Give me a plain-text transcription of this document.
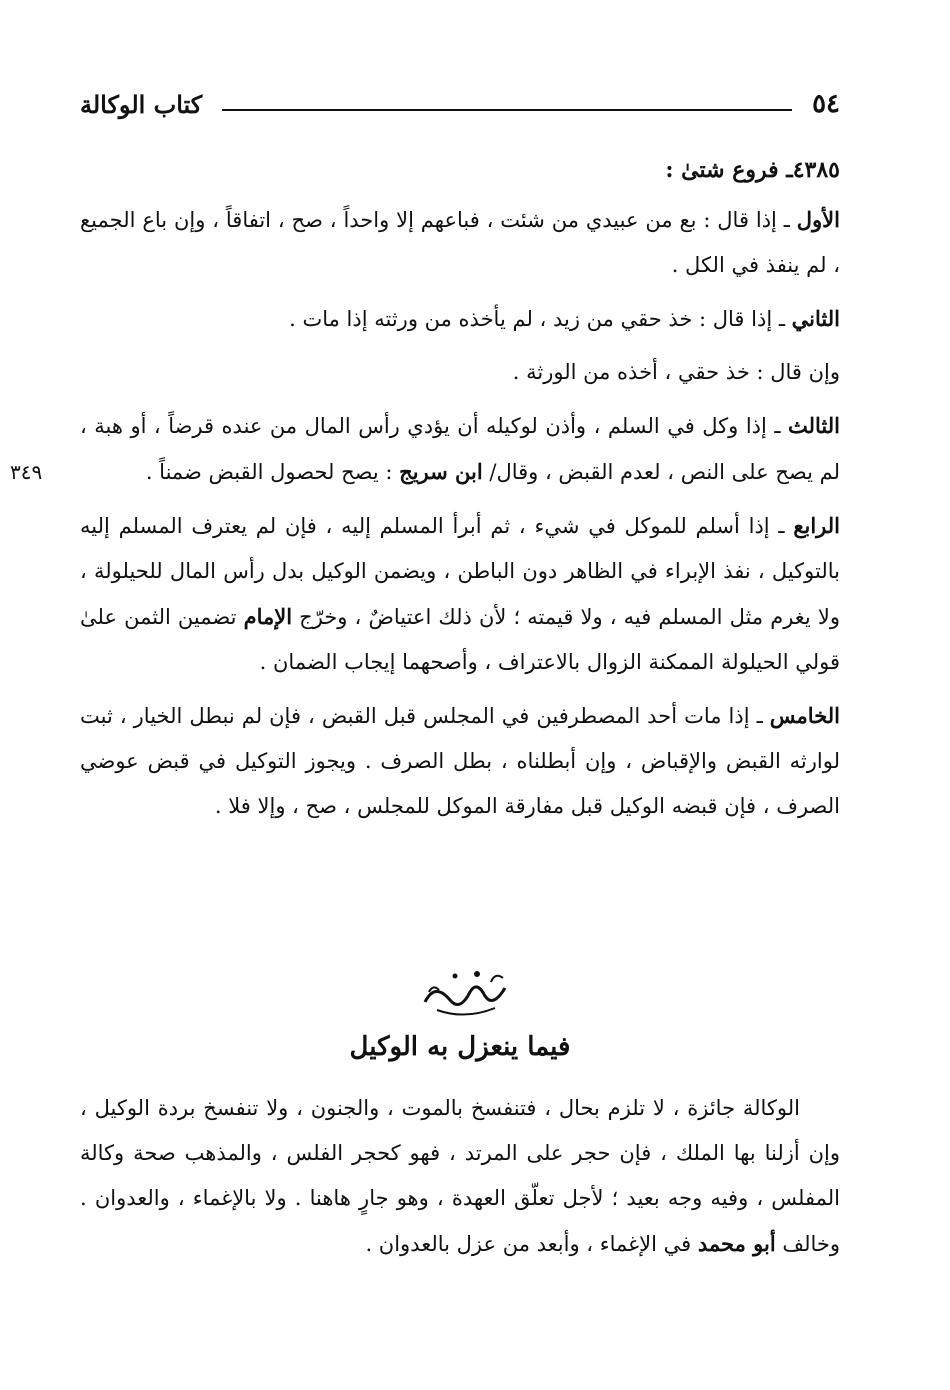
٥٤
كتاب الوكالة
٣٤٩
٤٣٨٥ـ فروع شتىٰ :

الأول ـ إذا قال : بع من عبيدي من شئت ، فباعهم إلا واحداً ، صح ، اتفاقاً ، وإن باع الجميع ، لم ينفذ في الكل .

الثاني ـ إذا قال : خذ حقي من زيد ، لم يأخذه من ورثته إذا مات .

وإن قال : خذ حقي ، أخذه من الورثة .

الثالث ـ إذا وكل في السلم ، وأذن لوكيله أن يؤدي رأس المال من عنده قرضاً ، أو هبة ، لم يصح على النص ، لعدم القبض ، وقال/ ابن سريج : يصح لحصول القبض ضمناً .

الرابع ـ إذا أسلم للموكل في شيء ، ثم أبرأ المسلم إليه ، فإن لم يعترف المسلم إليه بالتوكيل ، نفذ الإبراء في الظاهر دون الباطن ، ويضمن الوكيل بدل رأس المال للحيلولة ، ولا يغرم مثل المسلم فيه ، ولا قيمته ؛ لأن ذلك اعتياضٌ ، وخرّج الإمام تضمين الثمن علىٰ قولي الحيلولة الممكنة الزوال بالاعتراف ، وأصحهما إيجاب الضمان .

الخامس ـ إذا مات أحد المصطرفين في المجلس قبل القبض ، فإن لم نبطل الخيار ، ثبت لوارثه القبض والإقباض ، وإن أبطلناه ، بطل الصرف . ويجوز التوكيل في قبض عوضي الصرف ، فإن قبضه الوكيل قبل مفارقة الموكل للمجلس ، صح ، وإلا فلا .

فصل
فيما ينعزل به الوكيل

الوكالة جائزة ، لا تلزم بحال ، فتنفسخ بالموت ، والجنون ، ولا تنفسخ بردة الوكيل ، وإن أزلنا بها الملك ، فإن حجر على المرتد ، فهو كحجر الفلس ، والمذهب صحة وكالة المفلس ، وفيه وجه بعيد ؛ لأجل تعلّق العهدة ، وهو جارٍ هاهنا . ولا بالإغماء ، والعدوان . وخالف أبو محمد في الإغماء ، وأبعد من عزل بالعدوان .
